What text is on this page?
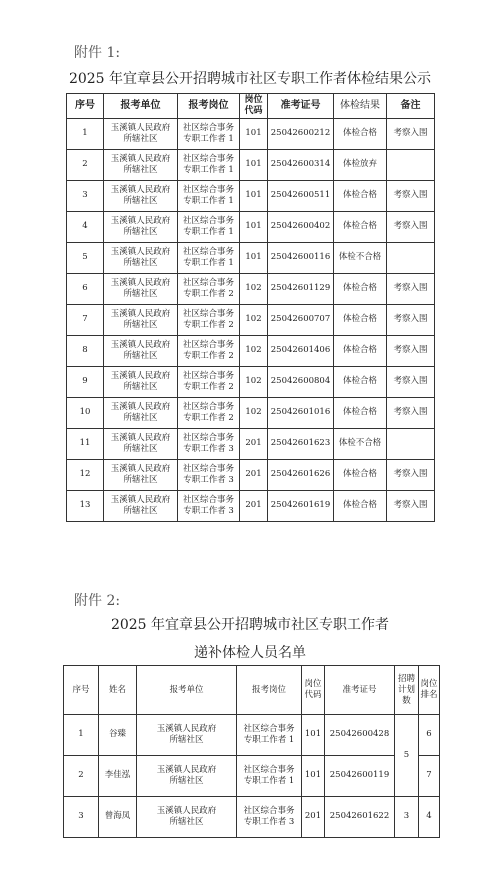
附件 1:
2025 年宜章县公开招聘城市社区专职工作者体检结果公示
序号	报考单位	报考岗位	岗位
代码	准考证号	体检结果	备注
1	玉溪镇人民政府
所辖社区	社区综合事务
专职工作者 1	101	25042600212	体检合格	考察入围
2	玉溪镇人民政府
所辖社区	社区综合事务
专职工作者 1	101	25042600314	体检放弃	
3	玉溪镇人民政府
所辖社区	社区综合事务
专职工作者 1	101	25042600511	体检合格	考察入围
4	玉溪镇人民政府
所辖社区	社区综合事务
专职工作者 1	101	25042600402	体检合格	考察入围
5	玉溪镇人民政府
所辖社区	社区综合事务
专职工作者 1	101	25042600116	体检不合格	
6	玉溪镇人民政府
所辖社区	社区综合事务
专职工作者 2	102	25042601129	体检合格	考察入围
7	玉溪镇人民政府
所辖社区	社区综合事务
专职工作者 2	102	25042600707	体检合格	考察入围
8	玉溪镇人民政府
所辖社区	社区综合事务
专职工作者 2	102	25042601406	体检合格	考察入围
9	玉溪镇人民政府
所辖社区	社区综合事务
专职工作者 2	102	25042600804	体检合格	考察入围
10	玉溪镇人民政府
所辖社区	社区综合事务
专职工作者 2	102	25042601016	体检合格	考察入围
11	玉溪镇人民政府
所辖社区	社区综合事务
专职工作者 3	201	25042601623	体检不合格	
12	玉溪镇人民政府
所辖社区	社区综合事务
专职工作者 3	201	25042601626	体检合格	考察入围
13	玉溪镇人民政府
所辖社区	社区综合事务
专职工作者 3	201	25042601619	体检合格	考察入围
附件 2:
2025 年宜章县公开招聘城市社区专职工作者
递补体检人员名单
序号	姓名	报考单位	报考岗位	岗位
代码	准考证号	招聘
计划
数	岗位
排名
1	谷臻	玉溪镇人民政府
所辖社区	社区综合事务
专职工作者 1	101	25042600428	5	6
2	李佳泓	玉溪镇人民政府
所辖社区	社区综合事务
专职工作者 1	101	25042600119		7
3	曾海凤	玉溪镇人民政府
所辖社区	社区综合事务
专职工作者 3	201	25042601622	3	4
